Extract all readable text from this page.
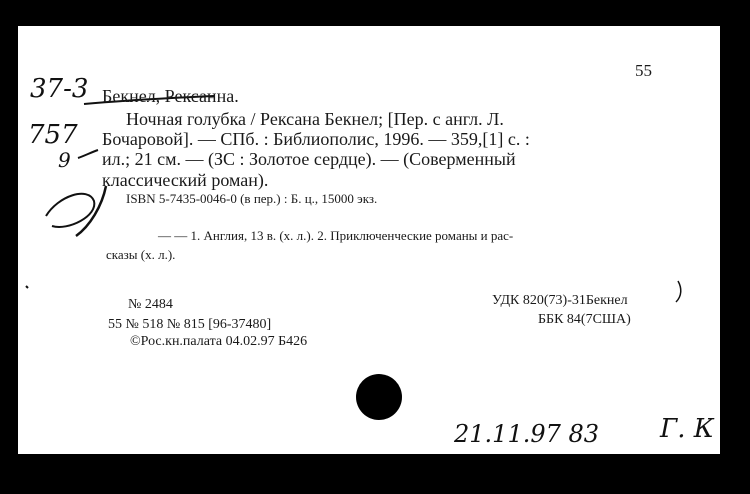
55
37-3
757
9
Бекнел, Рексанна.
Ночная голубка / Рексана Бекнел; [Пер. с англ. Л.
Бочаровой]. — СПб. : Библиополис, 1996. — 359,[1] с. :
ил.; 21 см. — (ЗС : Золотое сердце). — (Соверменный
классический роман).
ISBN 5-7435-0046-0 (в пер.) : Б. ц., 15000 экз.
— — 1. Англия, 13 в. (х. л.). 2. Приключенческие романы и рас-
сказы (х. л.).
№ 2484
55 № 518 № 815 [96-37480]
©Рос.кн.палата 04.02.97 Б426
УДК 820(73)-31Бекнел
ББК 84(7США)
21.11.97 83 Г. К
